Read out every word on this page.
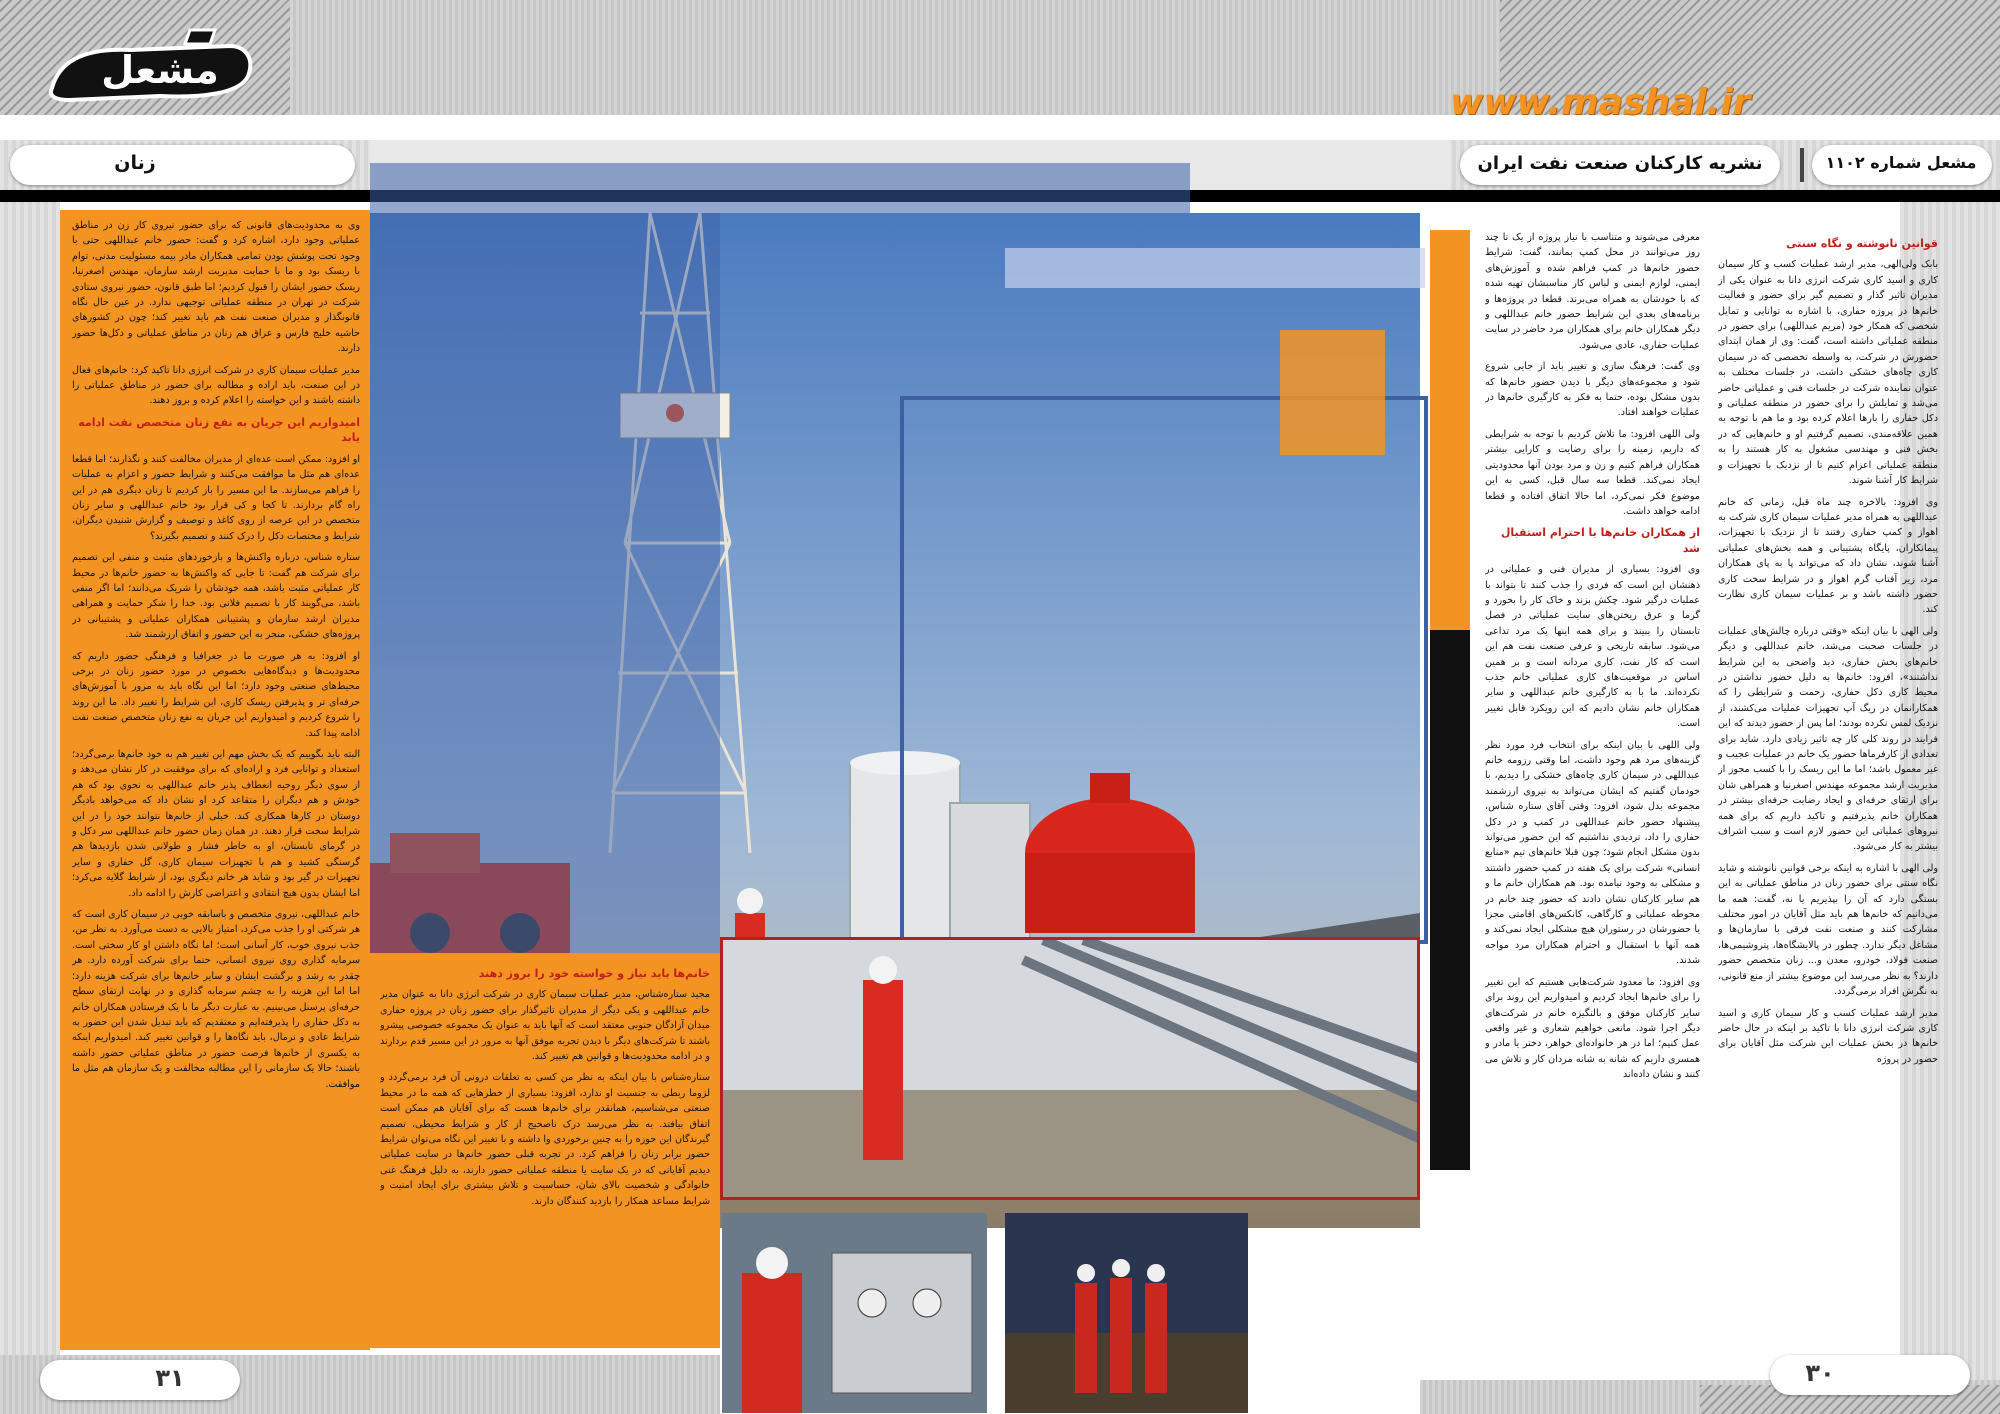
مشعل
www.mashal.ir
زنان	نشریه کارکنان صنعت نفت ایران	مشعل شماره ۱۱۰۲

وی به محدودیت‌های قانونی که برای حضور نیروی کار زن در مناطق عملیاتی وجود دارد، اشاره کرد و گفت: حضور خانم عبداللهی حتی با وجود تحت پوشش بودن تمامی همکاران مادر بیمه مسئولیت مدنی، توام با ریسک بود و ما با حمایت مدیریت ارشد سازمان، مهندس اصغرنیا، ریسک حضور ایشان را قبول کردیم؛ اما طبق قانون، حضور نیروی ستادی شرکت در تهران در منطقه عملیاتی توجیهی ندارد. در عین حال نگاه قانونگذار و مدیران صنعت نفت هم باید تغییر کند؛ چون در کشورهای حاشیه خلیج فارس و عراق هم زنان در مناطق عملیاتی و دکل‌ها حضور دارند.

مدیر عملیات سیمان کاری در شرکت انرژی دانا تاکید کرد: خانم‌های فعال در این صنعت، باید اراده و مطالبه برای حضور در مناطق عملیاتی را داشته باشند و این خواسته را اعلام کرده و بروز دهند.

امیدواریم این جریان به نفع زنان متخصص نفت ادامه یابد

او افزود: ممکن است عده‌ای از مدیران مخالفت کنند و نگذارند؛ اما قطعا عده‌ای هم مثل ما موافقت می‌کنند و شرایط حضور و اعزام به عملیات را فراهم می‌سازند. ما این مسیر را باز کردیم تا زنان دیگری هم در این راه گام بردارند. تا کجا و کی قرار بود خانم عبداللهی و سایر زنان متخصص در این عرصه از روی کاغذ و توصیف و گزارش شنیدن دیگران، شرایط و مختصات دکل را درک کنند و تصمیم بگیرند؟

ستاره شناس، درباره واکنش‌ها و بازخوردهای مثبت و منفی این تصمیم برای شرکت هم گفت: تا جایی که واکنش‌ها به حضور خانم‌ها در محیط کار عملیاتی مثبت باشد، همه خودشان را شریک می‌دانند؛ اما اگر منفی باشد، می‌گویند کار با تصمیم فلانی بود. خدا را شکر حمایت و همراهی مدیران ارشد سازمان و پشتیبانی همکاران عملیاتی و پشتیبانی در پروژه‌های خشکی، منجر به این حضور و اتفاق ارزشمند شد.

او افزود: به هر صورت ما در جغرافیا و فرهنگی حضور داریم که محدودیت‌ها و دیدگاه‌هایی بخصوص در مورد حضور زنان در برخی محیط‌های صنعتی وجود دارد؛ اما این نگاه باید به مرور با آموزش‌های حرفه‌ای تر و پذیرفتن ریسک کاری، این شرایط را تغییر داد. ما این روند را شروع کردیم و امیدواریم این جریان به نفع زنان متخصص صنعت نفت ادامه پیدا کند.

البته باید بگوییم که یک بخش مهم این تغییر هم به خود خانم‌ها برمی‌گردد؛ استعداد و توانایی فرد و اراده‌ای که برای موفقیت در کار نشان می‌دهد و از سوی دیگر روحیه انعطاف پذیر خانم عبداللهی به نحوی بود که هم خودش و هم دیگران را متقاعد کرد او نشان داد که می‌خواهد بادیگر دوستان در کارها همکاری کند. خیلی از خانم‌ها نتوانند خود را در این شرایط سخت قرار دهند. در همان زمان حضور خانم عبداللهی سر دکل و در گرمای تابستان، او به خاطر فشار و طولانی شدن بازدیدها هم گرسنگی کشید و هم با تجهیزات سیمان کاری، گل حفاری و سایر تجهیزات در گیر بود و شاید هر خانم دیگری بود، از شرایط گلایه می‌کرد؛ اما ایشان بدون هیچ انتقادی و اعتراضی کارش را ادامه داد.

خانم عبداللهی، نیروی متخصص و باسابقه خوبی در سیمان کاری است که هر شرکتی او را جذب می‌کرد، امتیاز بالایی به دست می‌آورد. به نظر من، جذب نیروی خوب، کار آسانی است؛ اما نگاه داشتن او کار سختی است. سرمایه گذاری روی نیروی انسانی، حتما برای شرکت آورده دارد. هر چقدر به رشد و برگشت ایشان و سایر خانم‌ها برای شرکت هزینه دارد؛ اما اما این هزینه را به چشم سرمایه گذاری و در نهایت ارتقای سطح حرفه‌ای پرسنل می‌بینیم. به عبارت دیگر ما با یک فرستادن همکاران خانم به دکل حفاری را پذیرفته‌ایم و معتقدیم که باید تبدیل شدن این حضور به شرایط عادی و نرمال، باید نگاه‌ها را و قوانین تغییر کند. امیدواریم اینکه به یکسری از خانم‌ها فرصت حضور در مناطق عملیاتی حضور داشته باشند؛ حالا یک سازمانی را این مطالبه مخالفت و یک سازمان هم مثل ما موافقت.

خانم‌ها باید نیاز و خواسته خود را بروز دهند

مجید ستاره‌شناس، مدیر عملیات سیمان کاری در شرکت انرژی دانا به عنوان مدیر خانم عبداللهی و یکی دیگر از مدیران تاثیرگذار برای حضور زنان در پروژه حفاری میدان آزادگان جنوبی معتقد است که آنها باید به عنوان یک مجموعه خصوصی پیشرو باشند تا شرکت‌های دیگر با دیدن تجربه موفق آنها به مرور در این مسیر قدم بردارند و در ادامه محدودیت‌ها و قوانین هم تغییر کند.

ستاره‌شناس با بیان اینکه به نظر من کسی به تعلقات درونی آن فرد برمی‌گردد و لزوما ربطی به جنسیت او ندارد، افزود: بسیاری از خطرهایی که همه ما در محیط صنعتی می‌شناسیم، همانقدر برای خانم‌ها هست که برای آقایان هم ممکن است اتفاق بیافتد. به نظر می‌رسد درک ناصحیح از کار و شرایط محیطی، تصمیم گیرندگان این حوزه را به چنین برخوردی وا داشته و با تغییر این نگاه می‌توان شرایط حضور برابر زنان را فراهم کرد. در تجربه قبلی حضور خانم‌ها در سایت عملیاتی دیدیم آقایانی که در یک سایت یا منطقه عملیاتی حضور دارند، به دلیل فرهنگ غنی خانوادگی و شخصیت بالای شان، حساسیت و تلاش بیشتری برای ایجاد امنیت و شرایط مساعد همکار را بازدید کنندگان دارند.

معرفی می‌شوند و متناسب با نیاز پروژه از یک تا چند روز می‌توانند در محل کمپ بمانند، گفت: شرایط حضور خانم‌ها در کمپ فراهم شده و آموزش‌های ایمنی، لوازم ایمنی و لباس کار مناسبشان تهیه شده که با خودشان به همراه می‌برند. قطعا در پروژه‌ها و برنامه‌های بعدی این شرایط حضور خانم عبداللهی و دیگر همکاران خانم برای همکاران مرد حاضر در سایت عملیات حفاری، عادی می‌شود.

وی گفت: فرهنگ سازی و تغییر باید از جایی شروع شود و مجموعه‌های دیگر با دیدن حضور خانم‌ها که بدون مشکل بوده، حتما به فکر به کارگیری خانم‌ها در عملیات خواهند افتاد.

ولی اللهی افزود: ما تلاش کردیم با توجه به شرایطی که داریم، زمینه را برای رضایت و کارایی بیشتر همکاران فراهم کنیم و زن و مرد بودن آنها محدودیتی ایجاد نمی‌کند. قطعا سه سال قبل، کسی به این موضوع فکر نمی‌کرد، اما حالا اتفاق افتاده و قطعا ادامه خواهد داشت.

از همکاران خانم‌ها با احترام استقبال شد

وی افزود: بسیاری از مدیران فنی و عملیاتی در ذهنشان این است که فردی را جذب کنند تا بتواند با عملیات درگیر شود. چکش بزند و خاک کار را بخورد و گرما و عرق ریختن‌های سایت عملیاتی در فصل تابستان را ببیند و برای همه اینها یک مرد تداعی می‌شود. سابقه تاریخی و عرفی صنعت نفت هم این است که کار نفت، کاری مردانه است و بر همین اساس در موقعیت‌های کاری عملیاتی خانم جذب نکرده‌اند. ما با به کارگیری خانم عبداللهی و سایر همکاران خانم نشان دادیم که این رویکرد قابل تغییر است.

ولی اللهی با بیان اینکه برای انتخاب فرد مورد نظر گزینه‌های مرد هم وجود داشت، اما وقتی رزومه خانم عبداللهی در سیمان کاری چاه‌های خشکی را دیدیم، با خودمان گفتیم که ایشان می‌تواند به نیروی ارزشمند مجموعه بدل شود، افزود: وقتی آقای ستاره شناس، پیشنهاد حضور خانم عبداللهی در کمپ و در دکل حفاری را داد، تردیدی نداشتیم که این حضور می‌تواند بدون مشکل انجام شود؛ چون قبلا خانم‌های تیم «منابع انسانی» شرکت برای یک هفته در کمپ حضور داشتند و مشکلی به وجود نیامده بود. هم همکاران خانم ما و هم سایر کارکنان نشان دادند که حضور چند خانم در محوطه عملیاتی و کارگاهی، کانکس‌های اقامتی مجزا یا حضورشان در رستوران هیچ مشکلی ایجاد نمی‌کند و همه آنها با استقبال و احترام همکاران مرد مواجه شدند.

وی افزود: ما معدود شرکت‌هایی هستیم که این تغییر را برای خانم‌ها ایجاد کردیم و امیدواریم این روند برای سایر کارکنان موفق و بالنگیزه خانم در شرکت‌های دیگر اجرا شود. مانعی خواهیم شعاری و غیر واقعی عمل کنیم؛ اما در هر خانواده‌ای خواهر، دختر یا مادر و همسری داریم که شانه به شانه مردان کار و تلاش می کنند و نشان داده‌اند

قوانین نانوشته و نگاه سنتی

بابک ولی‌الهی، مدیر ارشد عملیات کسب و کار سیمان کاری و اسید کاری شرکت انرژی دانا به عنوان یکی از مدیران تاثیر گذار و تصمیم گیر برای حضور و فعالیت خانم‌ها در پروژه حفاری، با اشاره به توانایی و تمایل شخصی که همکار خود (مریم عبداللهی) برای حضور در منطقه عملیاتی داشته است، گفت: وی از همان ابتدای حضورش در شرکت، به واسطه تخصصی که در سیمان کاری چاه‌های خشکی داشت، در جلسات مختلف به عنوان نماینده شرکت در جلسات فنی و عملیاتی حاضر می‌شد و تمایلش را برای حضور در منطقه عملیاتی و دکل حفاری را بارها اعلام کرده بود و ما هم با توجه به همین علاقه‌مندی، تصمیم گرفتیم او و خانم‌هایی که در بخش فنی و مهندسی مشغول به کار هستند را به منطقه عملیاتی اعزام کنیم تا از نزدیک با تجهیزات و شرایط کار آشنا شوند.

وی افزود: بالاخره چند ماه قبل، زمانی که خانم عبداللهی به همراه مدیر عملیات سیمان کاری شرکت به اهواز و کمپ حفاری رفتند تا از نزدیک با تجهیزات، پیمانکاران، پایگاه پشتیبانی و همه بخش‌های عملیاتی آشنا شوند، نشان داد که می‌تواند پا به پای همکاران مرد، زیر آفتاب گرم اهواز و در شرایط سخت کاری حضور داشته باشد و بر عملیات سیمان کاری نظارت کند.

ولی الهی با بیان اینکه «وقتی درباره چالش‌های عملیات در جلسات صحبت می‌شد، خانم عبداللهی و دیگر خانم‌های بخش حفاری، دید واضحی به این شرایط نداشتند»، افزود: خانم‌ها به دلیل حضور نداشتن در محیط کاری دکل حفاری، زحمت و شرایطی را که همکارانمان در ریگ آپ تجهیزات عملیات می‌کشند، از نزدیک لمس نکرده بودند؛ اما پس از حضور دیدند که این فرایند در روند کلی کار چه تاثیر زیادی دارد. شاید برای تعدادی از کارفرماها حضور یک خانم در عملیات عجیب و غیر معمول باشد؛ اما ما این ریسک را با کسب مجوز از مدیریت ارشد مجموعه مهندس اصغرنیا و همراهی شان برای ارتقای حرفه‌ای و ایجاد رضایت حرفه‌ای بیشتر در همکاران خانم پذیرفتیم و تاکید داریم که برای همه نیروهای عملیاتی این حضور لازم است و سبب اشراف بیشتر به کار می‌شود.

ولی الهی با اشاره به اینکه برخی قوانین نانوشته و شاید نگاه سنتی برای حضور زنان در مناطق عملیاتی به این بستگی دارد که آن را بپذیریم یا نه، گفت: همه ما می‌دانیم که خانم‌ها هم باید مثل آقایان در امور مختلف مشارکت کنند و صنعت نفت فرقی با سازمان‌ها و مشاغل دیگر ندارد. چطور در پالایشگاه‌ها، پتروشیمی‌ها، صنعت فولاد، خودرو، معدن و... زنان متخصص حضور دارند؟ به نظر می‌رسد این موضوع بیشتر از منع قانونی، به نگرش افراد برمی‌گردد.

مدیر ارشد عملیات کسب و کار سیمان کاری و اسید کاری شرکت انرژی دانا با تاکید بر اینکه در حال حاضر خانم‌ها در بخش عملیات این شرکت مثل آقایان برای حضور در پروژه

۳۱	۳۰
